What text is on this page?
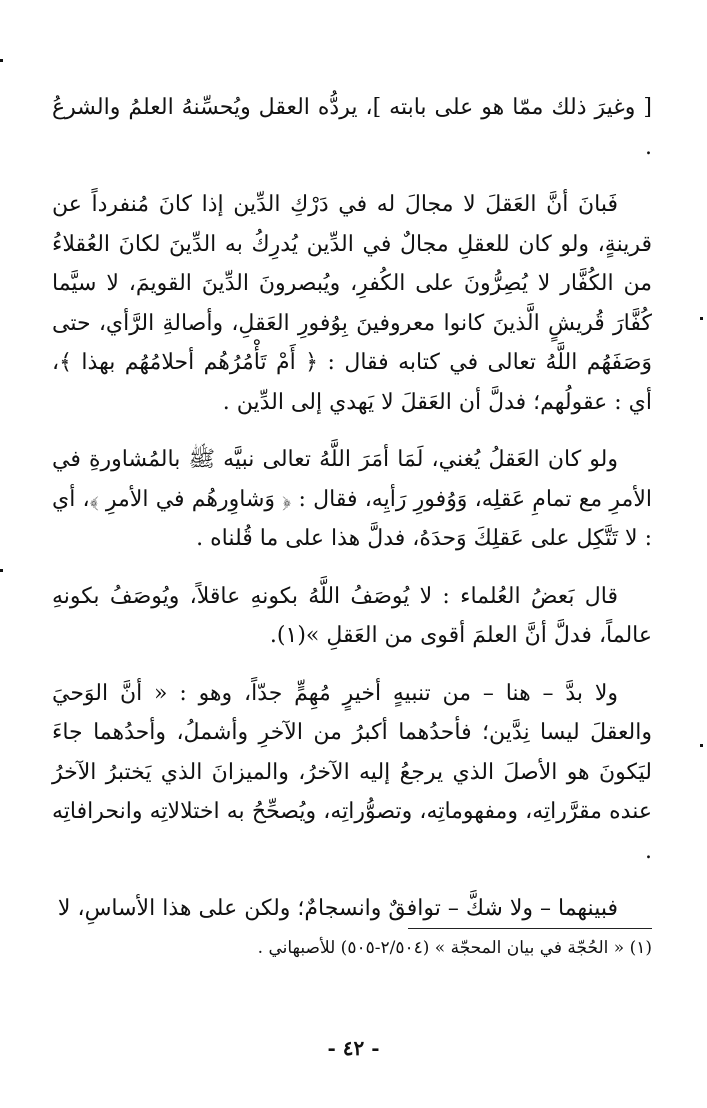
[ وغيرَ ذلك ممّا هو على بابته ]، يردُّه العقل ويُحسِّنهُ العلمُ والشرعُ .

فَبانَ أنَّ العَقلَ لا مجالَ له في دَرْكِ الدِّين إذا كانَ مُنفرداً عن قرينةٍ، ولو كان للعقلِ مجالٌ في الدِّين يُدرِكُ به الدِّينَ لكانَ العُقلاءُ من الكُفَّار لا يُصِرُّونَ على الكُفرِ، ويُبصرونَ الدِّينَ القويمَ، لا سيَّما كُفَّارَ قُريشٍ الَّذينَ كانوا معروفينَ بِوُفورِ العَقلِ، وأصالةِ الرَّأي، حتى وَصَفَهُم اللَّهُ تعالى في كتابه فقال : ﴿ أَمْ تَأْمُرُهُم أحلامُهُم بهذا ﴾، أي : عقولُهم؛ فدلَّ أن العَقلَ لا يَهدي إلى الدِّين .

ولو كان العَقلُ يُغني، لَمَا أمَرَ اللَّهُ تعالى نبيَّه ﷺ بالمُشاورةِ في الأمرِ مع تمامِ عَقلِه، وَوُفورِ رَأيِه، فقال : ﴿ وَشاوِرهُم في الأمرِ ﴾، أي : لا تَتَّكِل على عَقلِكَ وَحدَهُ، فدلَّ هذا على ما قُلناه .

قال بَعضُ العُلماء : لا يُوصَفُ اللَّهُ بكونهِ عاقلاً، ويُوصَفُ بكونهِ عالماً، فدلَّ أنَّ العلمَ أقوى من العَقلِ »(١).

ولا بدَّ – هنا – من تنبيهٍ أخيرٍ مُهِمٍّ جدّاً، وهو : « أنَّ الوَحيَ والعقلَ ليسا نِدَّين؛ فأحدُهما أكبرُ من الآخرِ وأشملُ، وأحدُهما جاءَ ليَكونَ هو الأصلَ الذي يرجعُ إليه الآخرُ، والميزانَ الذي يَختبرُ الآخرُ عنده مقرَّراتِه، ومفهوماتِه، وتصوُّراتِه، ويُصحِّحُ به اختلالاتِه وانحرافاتِه .

فبينهما – ولا شكَّ – توافقٌ وانسجامٌ؛ ولكن على هذا الأساسِ، لا

(١) « الحُجّة في بيان المحجّة » (٢/٥٠٤-٥٠٥) للأصبهاني .
- ٤٢ -
